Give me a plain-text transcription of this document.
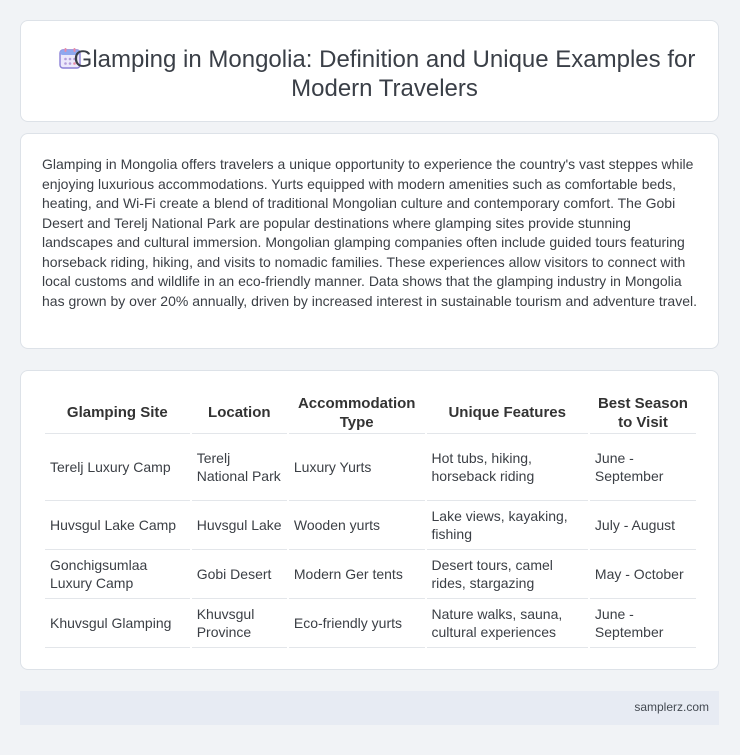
Glamping in Mongolia: Definition and Unique Examples for Modern Travelers

Glamping in Mongolia offers travelers a unique opportunity to experience the country's vast steppes while enjoying luxurious accommodations. Yurts equipped with modern amenities such as comfortable beds, heating, and Wi-Fi create a blend of traditional Mongolian culture and contemporary comfort. The Gobi Desert and Terelj National Park are popular destinations where glamping sites provide stunning landscapes and cultural immersion. Mongolian glamping companies often include guided tours featuring horseback riding, hiking, and visits to nomadic families. These experiences allow visitors to connect with local customs and wildlife in an eco-friendly manner. Data shows that the glamping industry in Mongolia has grown by over 20% annually, driven by increased interest in sustainable tourism and adventure travel.

Glamping Site	Location	Accommodation Type	Unique Features	Best Season to Visit
Terelj Luxury Camp	Terelj National Park	Luxury Yurts	Hot tubs, hiking, horseback riding	June - September
Huvsgul Lake Camp	Huvsgul Lake	Wooden yurts	Lake views, kayaking, fishing	July - August
Gonchigsumlaa Luxury Camp	Gobi Desert	Modern Ger tents	Desert tours, camel rides, stargazing	May - October
Khuvsgul Glamping	Khuvsgul Province	Eco-friendly yurts	Nature walks, sauna, cultural experiences	June - September
samplerz.com
